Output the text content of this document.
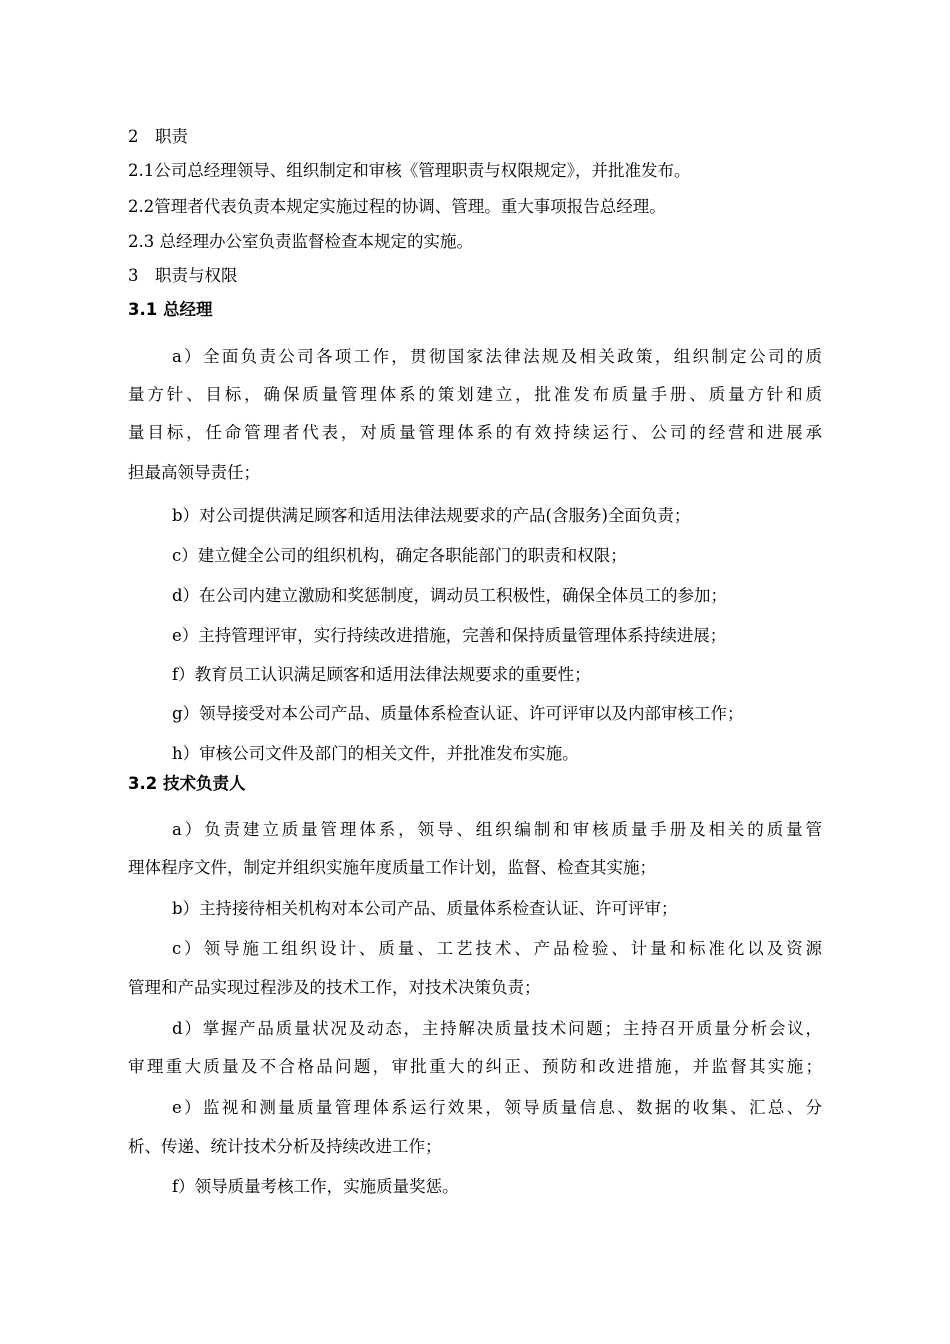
2　职责
2.1公司总经理领导、组织制定和审核《管理职责与权限规定》，并批准发布。
2.2管理者代表负责本规定实施过程的协调、管理。重大事项报告总经理。
2.3 总经理办公室负责监督检查本规定的实施。
3　职责与权限
3.1 总经理
a）全面负责公司各项工作，贯彻国家法律法规及相关政策，组织制定公司的质
量方针、目标，确保质量管理体系的策划建立，批准发布质量手册、质量方针和质
量目标，任命管理者代表，对质量管理体系的有效持续运行、公司的经营和进展承
担最高领导责任；
b）对公司提供满足顾客和适用法律法规要求的产品(含服务)全面负责；
c）建立健全公司的组织机构，确定各职能部门的职责和权限；
d）在公司内建立激励和奖惩制度，调动员工积极性，确保全体员工的参加；
e）主持管理评审，实行持续改进措施，完善和保持质量管理体系持续进展；
f）教育员工认识满足顾客和适用法律法规要求的重要性；
g）领导接受对本公司产品、质量体系检查认证、许可评审以及内部审核工作；
h）审核公司文件及部门的相关文件，并批准发布实施。
3.2 技术负责人
a）负责建立质量管理体系，领导、组织编制和审核质量手册及相关的质量管
理体程序文件，制定并组织实施年度质量工作计划，监督、检查其实施；
b）主持接待相关机构对本公司产品、质量体系检查认证、许可评审；
c）领导施工组织设计、质量、工艺技术、产品检验、计量和标准化以及资源
管理和产品实现过程涉及的技术工作，对技术决策负责；
d）掌握产品质量状况及动态，主持解决质量技术问题；主持召开质量分析会议，
审理重大质量及不合格品问题，审批重大的纠正、预防和改进措施，并监督其实施；
e）监视和测量质量管理体系运行效果，领导质量信息、数据的收集、汇总、分
析、传递、统计技术分析及持续改进工作；
f）领导质量考核工作，实施质量奖惩。
